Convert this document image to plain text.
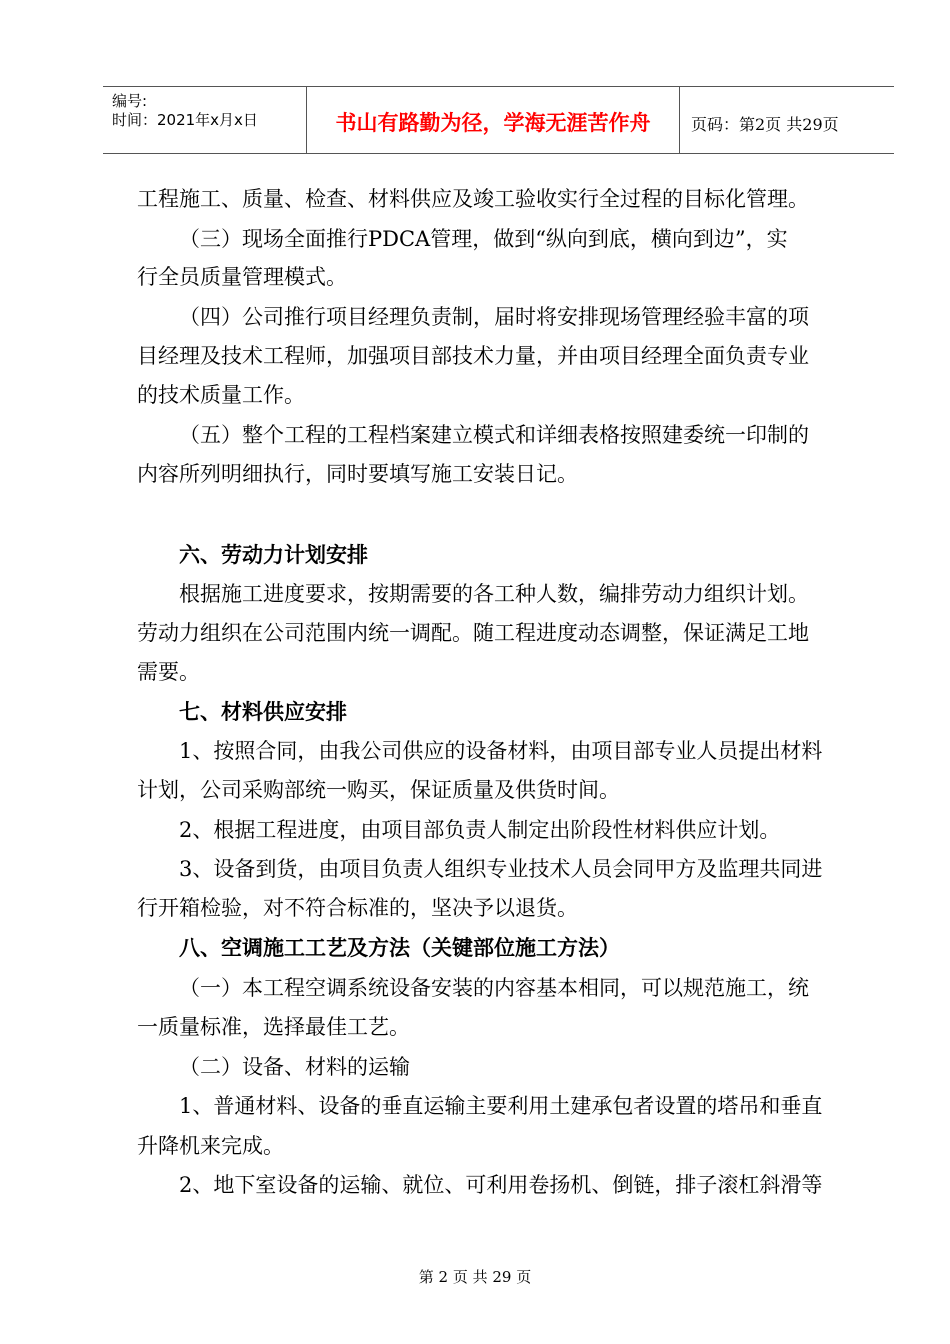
编号:
时间：2021年x月x日	书山有路勤为径，学海无涯苦作舟	页码：第2页 共29页
工程施工、质量、检查、材料供应及竣工验收实行全过程的目标化管理。
（三）现场全面推行PDCA管理，做到“纵向到底，横向到边”，实
行全员质量管理模式。
（四）公司推行项目经理负责制，届时将安排现场管理经验丰富的项
目经理及技术工程师，加强项目部技术力量，并由项目经理全面负责专业
的技术质量工作。
（五）整个工程的工程档案建立模式和详细表格按照建委统一印制的
内容所列明细执行，同时要填写施工安装日记。
六、劳动力计划安排
根据施工进度要求，按期需要的各工种人数，编排劳动力组织计划。
劳动力组织在公司范围内统一调配。随工程进度动态调整，保证满足工地
需要。
七、材料供应安排
1、按照合同，由我公司供应的设备材料，由项目部专业人员提出材料
计划，公司采购部统一购买，保证质量及供货时间。
2、根据工程进度，由项目部负责人制定出阶段性材料供应计划。
3、设备到货，由项目负责人组织专业技术人员会同甲方及监理共同进
行开箱检验，对不符合标准的，坚决予以退货。
八、空调施工工艺及方法（关键部位施工方法）
（一）本工程空调系统设备安装的内容基本相同，可以规范施工，统
一质量标准，选择最佳工艺。
（二）设备、材料的运输
1、普通材料、设备的垂直运输主要利用土建承包者设置的塔吊和垂直
升降机来完成。
2、地下室设备的运输、就位、可利用卷扬机、倒链，排子滚杠斜滑等
第 2 页 共 29 页
